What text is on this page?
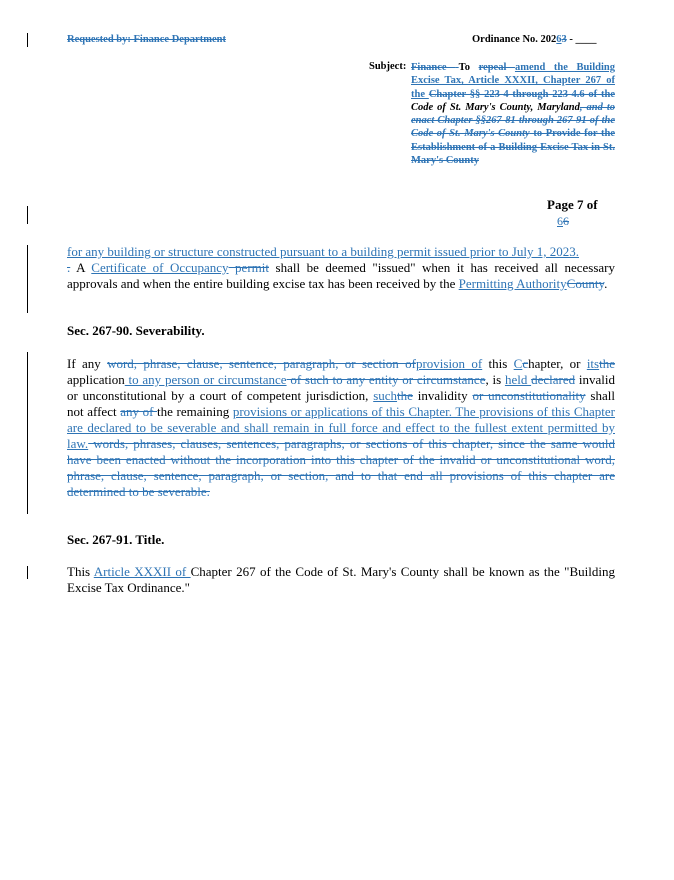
Requested by: Finance Department	Ordinance No. 20263 - ____
Subject: Finance -To repeal amend the Building Excise Tax, Article XXXII, Chapter 267 of the Chapter §§ 223-4 through 223-4.6 of the Code of St. Mary's County, Maryland, and to enact Chapter §§267-81 through 267-91 of the Code of St. Mary's County to Provide for the Establishment of a Building Excise Tax in St. Mary's County
Page 7 of
66
for any building or structure constructed pursuant to a building permit issued prior to July 1, 2023.
. A Certificate of Occupancy permit shall be deemed "issued" when it has received all necessary approvals and when the entire building excise tax has been received by the Permitting AuthorityCounty.
Sec. 267-90. Severability.
If any word, phrase, clause, sentence, paragraph, or section ofprovision of this Cchapter, or itsthe application to any person or circumstance of such to any entity or circumstance, is held declared invalid or unconstitutional by a court of competent jurisdiction, suchthe invalidity or unconstitutionality shall not affect any of the remaining provisions or applications of this Chapter. The provisions of this Chapter are declared to be severable and shall remain in full force and effect to the fullest extent permitted by law. words, phrases, clauses, sentences, paragraphs, or sections of this chapter, since the same would have been enacted without the incorporation into this chapter of the invalid or unconstitutional word, phrase, clause, sentence, paragraph, or section, and to that end all provisions of this chapter are determined to be severable.
Sec. 267-91. Title.
This Article XXXII of Chapter 267 of the Code of St. Mary's County shall be known as the "Building Excise Tax Ordinance."
